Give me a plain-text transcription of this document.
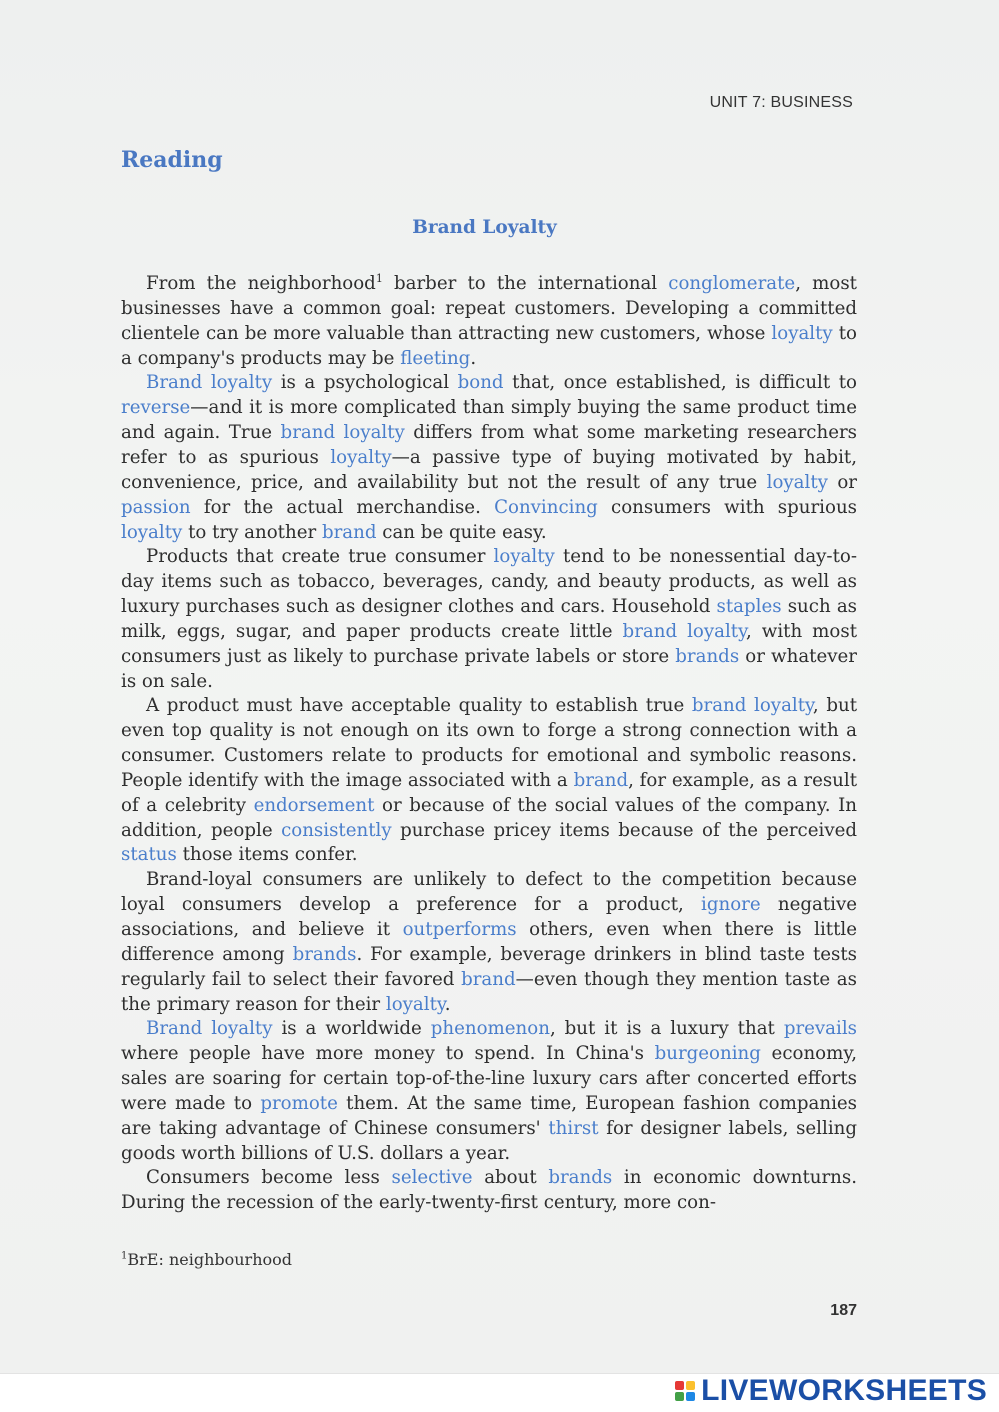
UNIT 7: BUSINESS
Reading
Brand Loyalty

From the neighborhood$^1$ barber to the international conglomerate, most businesses have a common goal: repeat customers. Developing a committed clientele can be more valuable than attracting new customers, whose loyalty to a company's products may be fleeting.

Brand loyalty is a psychological bond that, once established, is difficult to reverse—and it is more complicated than simply buying the same product time and again. True brand loyalty differs from what some marketing researchers refer to as spurious loyalty—a passive type of buying motivated by habit, convenience, price, and availability but not the result of any true loyalty or passion for the actual merchandise. Convincing consumers with spurious loyalty to try another brand can be quite easy.

Products that create true consumer loyalty tend to be nonessential day-to-day items such as tobacco, beverages, candy, and beauty products, as well as luxury purchases such as designer clothes and cars. Household staples such as milk, eggs, sugar, and paper products create little brand loyalty, with most consumers just as likely to purchase private labels or store brands or whatever is on sale.

A product must have acceptable quality to establish true brand loyalty, but even top quality is not enough on its own to forge a strong connection with a consumer. Customers relate to products for emotional and symbolic reasons. People identify with the image associated with a brand, for example, as a result of a celebrity endorsement or because of the social values of the company. In addition, people consistently purchase pricey items because of the perceived status those items confer.

Brand-loyal consumers are unlikely to defect to the competition because loyal consumers develop a preference for a product, ignore negative associations, and believe it outperforms others, even when there is little difference among brands. For example, beverage drinkers in blind taste tests regularly fail to select their favored brand—even though they mention taste as the primary reason for their loyalty.

Brand loyalty is a worldwide phenomenon, but it is a luxury that prevails where people have more money to spend. In China's burgeoning economy, sales are soaring for certain top-of-the-line luxury cars after concerted efforts were made to promote them. At the same time, European fashion companies are taking advantage of Chinese consumers' thirst for designer labels, selling goods worth billions of U.S. dollars a year.

Consumers become less selective about brands in economic downturns. During the recession of the early-twenty-first century, more con-

$^1$BrE: neighbourhood
187
LIVEWORKSHEETS
